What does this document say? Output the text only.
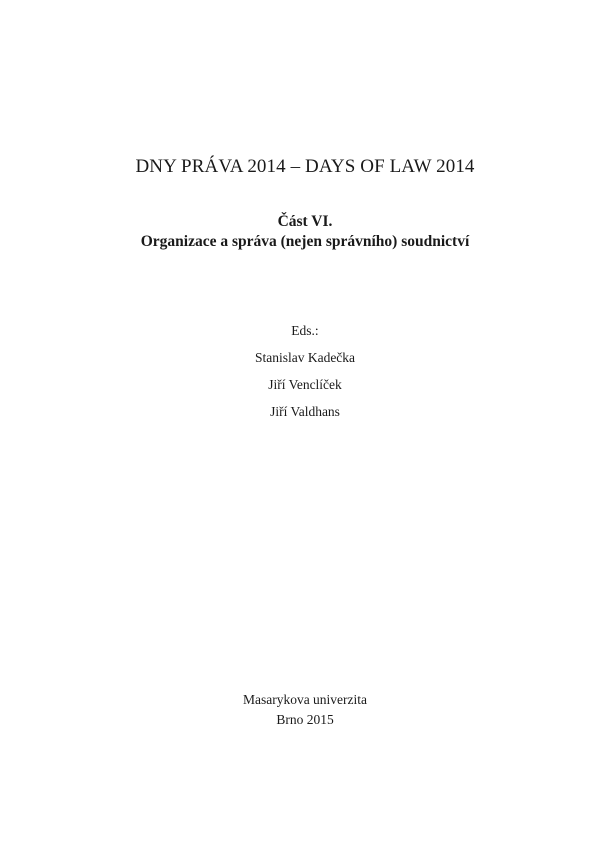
DNY PRÁVA 2014 – DAYS OF LAW 2014
Část VI.
Organizace a správa (nejen správního) soudnictví
Eds.:
Stanislav Kadečka
Jiří Venclíček
Jiří Valdhans
Masarykova univerzita
Brno 2015
